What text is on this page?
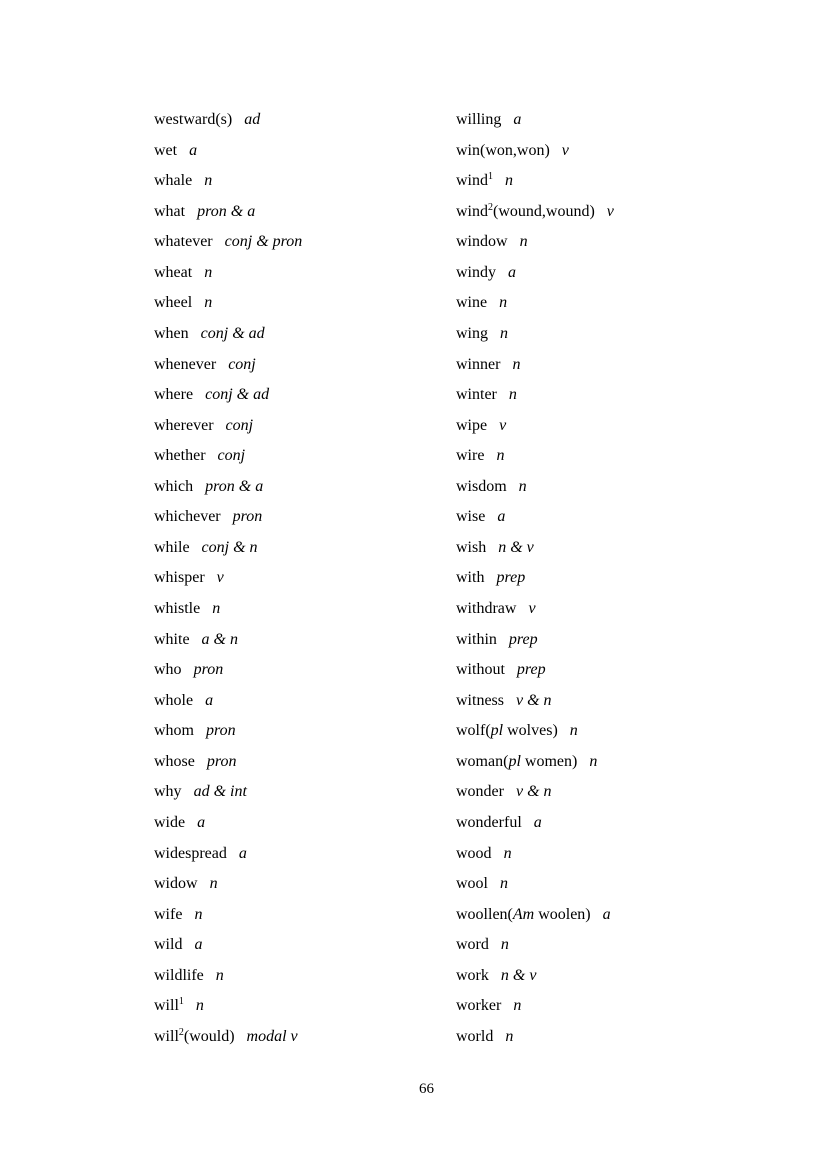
westward(s) ad
wet a
whale n
what pron & a
whatever conj & pron
wheat n
wheel n
when conj & ad
whenever conj
where conj & ad
wherever conj
whether conj
which pron & a
whichever pron
while conj & n
whisper v
whistle n
white a & n
who pron
whole a
whom pron
whose pron
why ad & int
wide a
widespread a
widow n
wife n
wild a
wildlife n
will$^1$ n
will$^2$(would) modal v
willing a
win(won,won) v
wind$^1$ n
wind$^2$(wound,wound) v
window n
windy a
wine n
wing n
winner n
winter n
wipe v
wire n
wisdom n
wise a
wish n & v
with prep
withdraw v
within prep
without prep
witness v & n
wolf(pl wolves) n
woman(pl women) n
wonder v & n
wonderful a
wood n
wool n
woollen(Am woolen) a
word n
work n & v
worker n
world n
66
